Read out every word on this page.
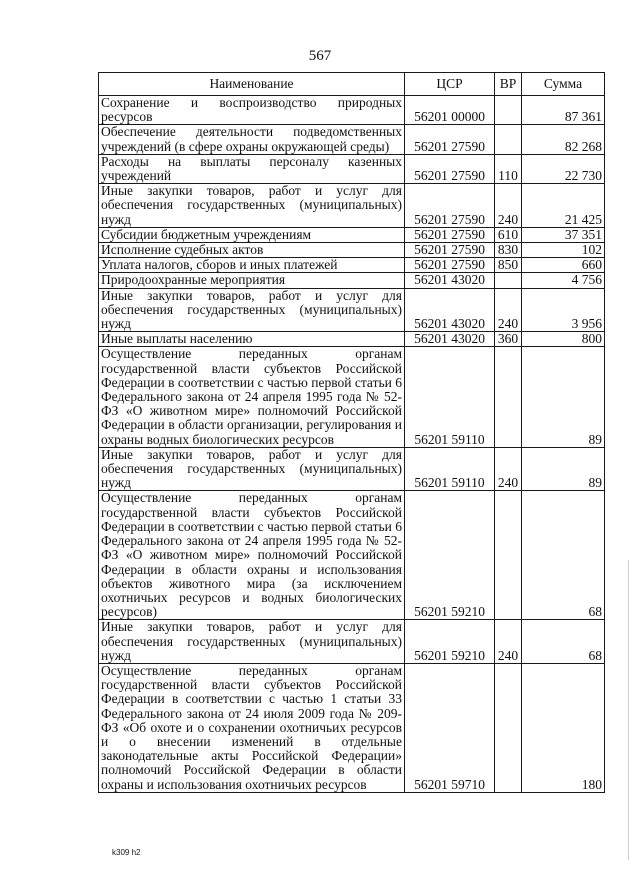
567
Наименование	ЦСР	ВР	Сумма
Сохранение и воспроизводство природных ресурсов	56201 00000		87 361
Обеспечение деятельности подведомственных учреждений (в сфере охраны окружающей среды)	56201 27590		82 268
Расходы на выплаты персоналу казенных учреждений	56201 27590	110	22 730
Иные закупки товаров, работ и услуг для обеспечения государственных (муниципальных) нужд	56201 27590	240	21 425
Субсидии бюджетным учреждениям	56201 27590	610	37 351
Исполнение судебных актов	56201 27590	830	102
Уплата налогов, сборов и иных платежей	56201 27590	850	660
Природоохранные мероприятия	56201 43020		4 756
Иные закупки товаров, работ и услуг для обеспечения государственных (муниципальных) нужд	56201 43020	240	3 956
Иные выплаты населению	56201 43020	360	800
Осуществление переданных органам государственной власти субъектов Российской Федерации в соответствии с частью первой статьи 6 Федерального закона от 24 апреля 1995 года № 52-ФЗ «О животном мире» полномочий Российской Федерации в области организации, регулирования и охраны водных биологических ресурсов	56201 59110		89
Иные закупки товаров, работ и услуг для обеспечения государственных (муниципальных) нужд	56201 59110	240	89
Осуществление переданных органам государственной власти субъектов Российской Федерации в соответствии с частью первой статьи 6 Федерального закона от 24 апреля 1995 года № 52-ФЗ «О животном мире» полномочий Российской Федерации в области охраны и использования объектов животного мира (за исключением охотничьих ресурсов и водных биологических ресурсов)	56201 59210		68
Иные закупки товаров, работ и услуг для обеспечения государственных (муниципальных) нужд	56201 59210	240	68
Осуществление переданных органам государственной власти субъектов Российской Федерации в соответствии с частью 1 статьи 33 Федерального закона от 24 июля 2009 года № 209-ФЗ «Об охоте и о сохранении охотничьих ресурсов и о внесении изменений в отдельные законодательные акты Российской Федерации» полномочий Российской Федерации в области охраны и использования охотничьих ресурсов	56201 59710		180
k309 h2
